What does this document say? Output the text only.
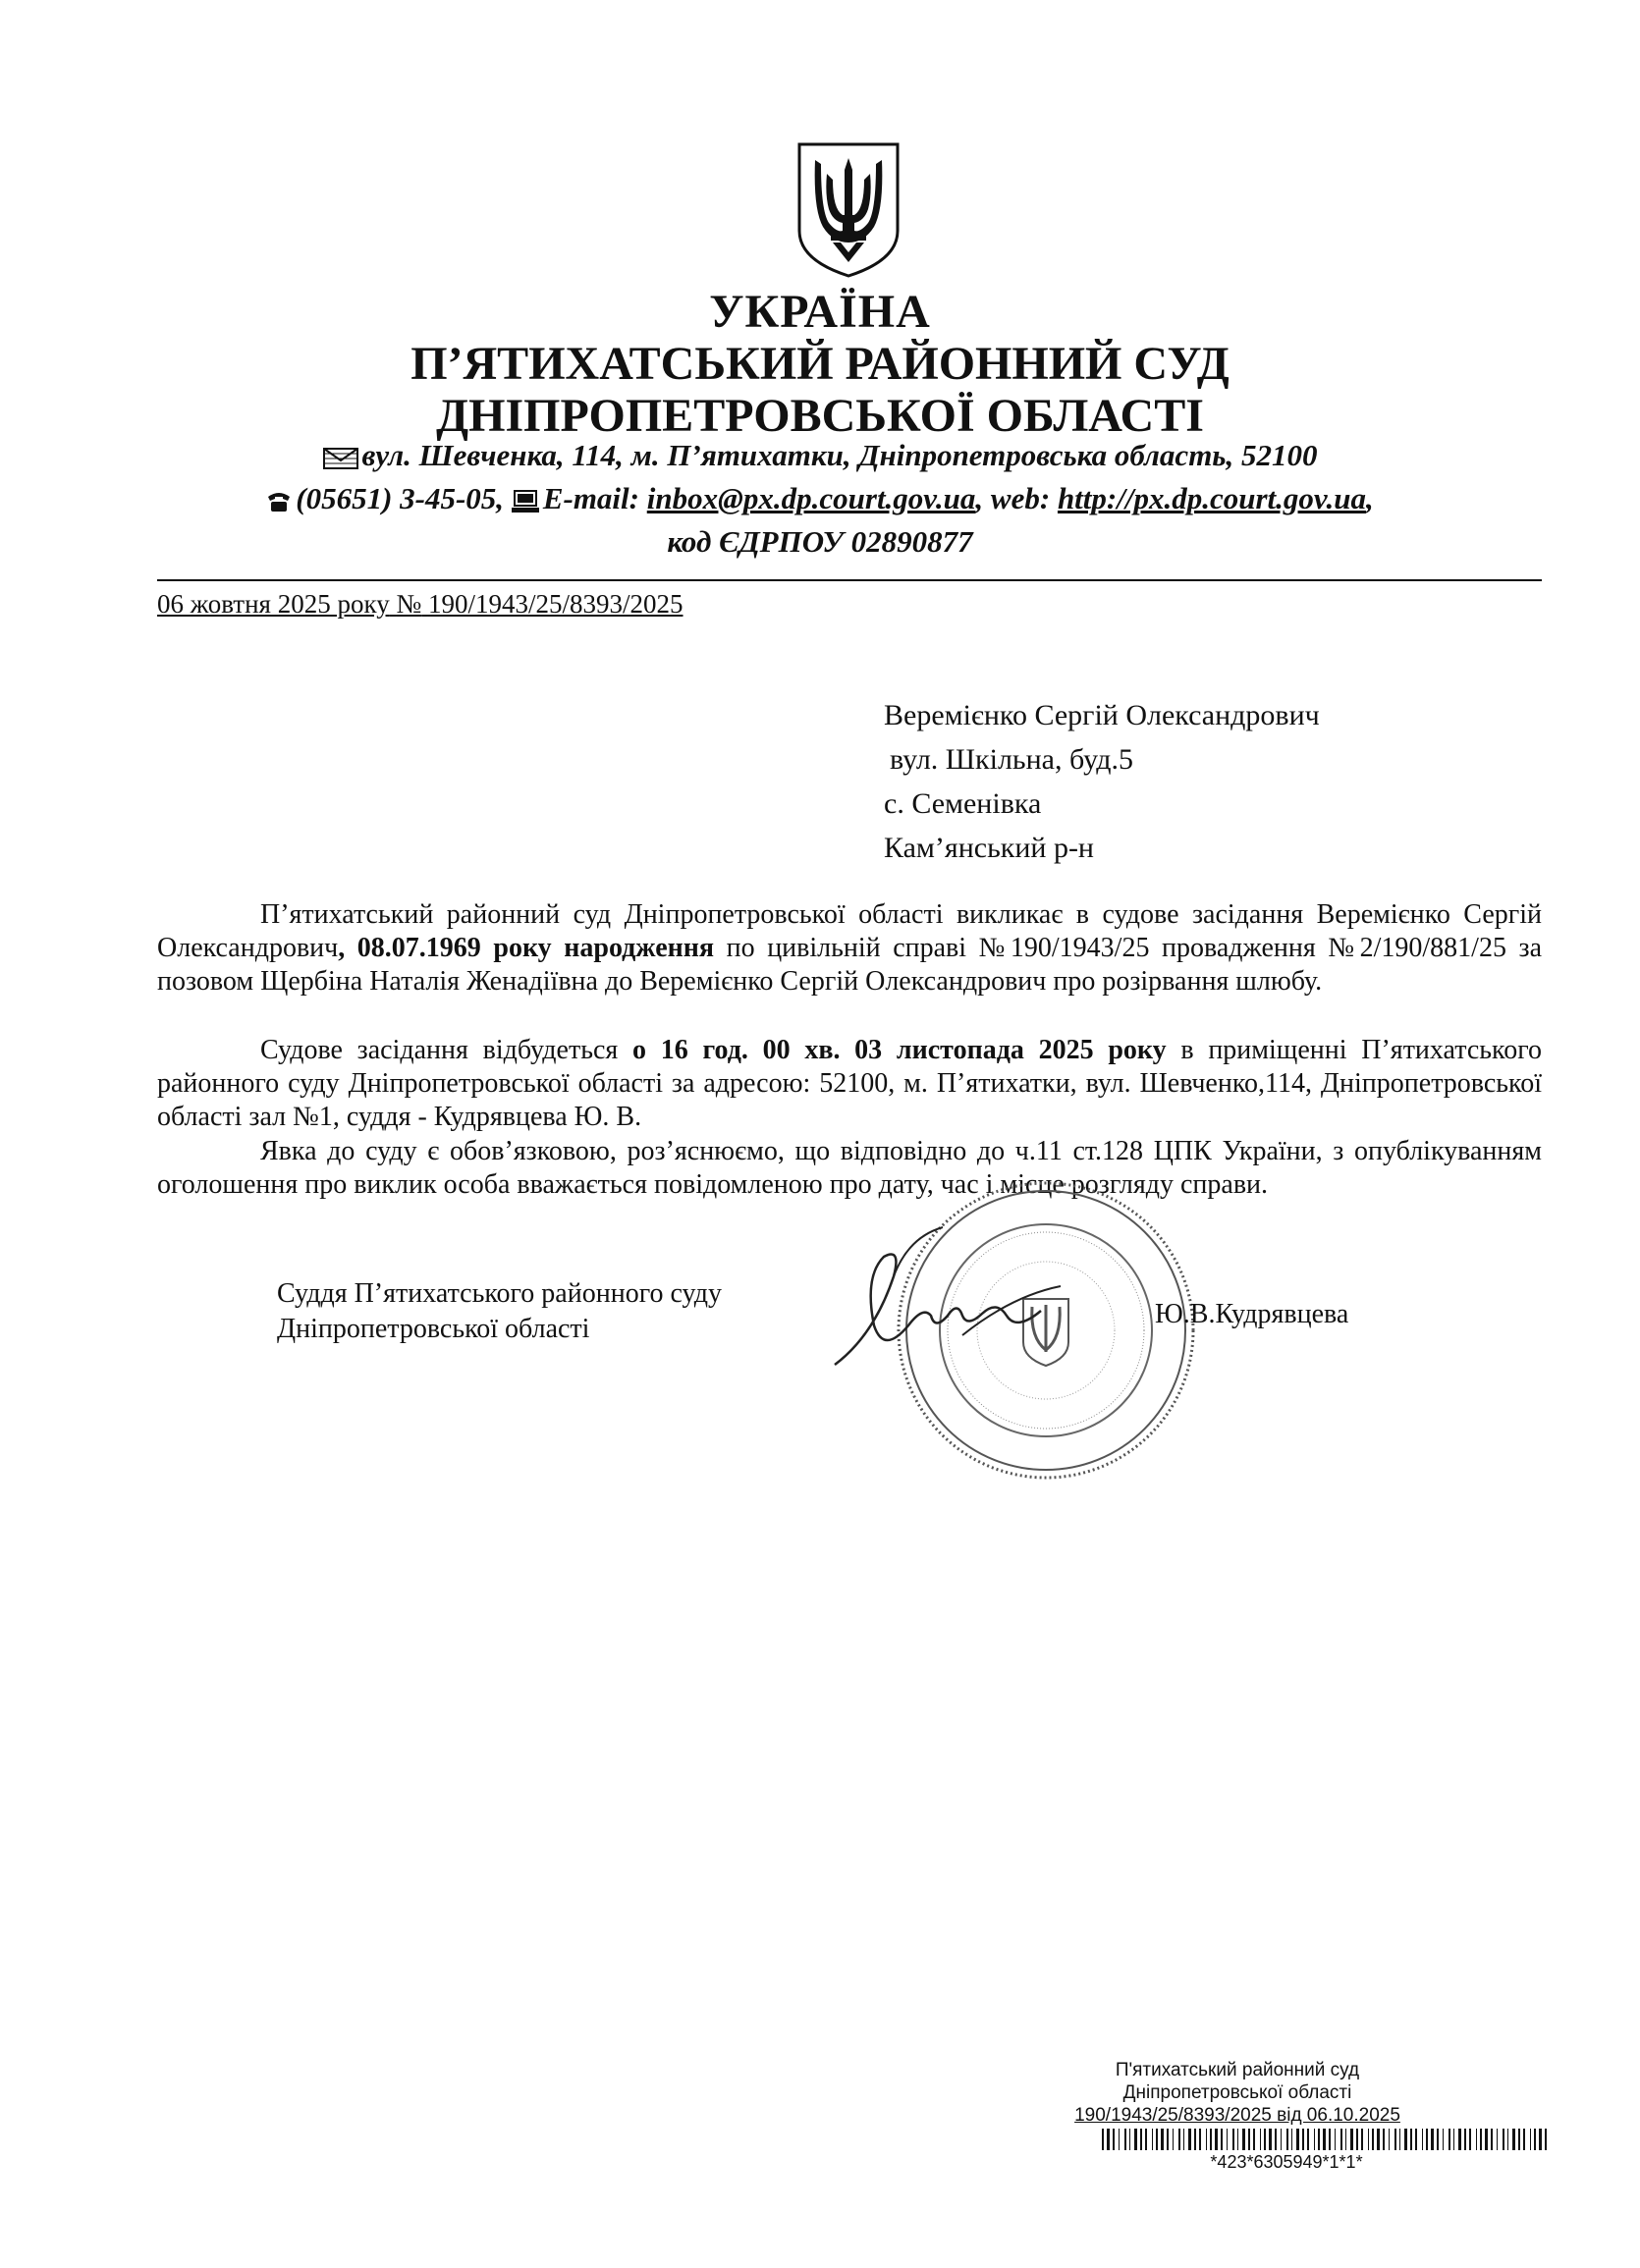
УКРАЇНА
П’ЯТИХАТСЬКИЙ РАЙОННИЙ СУД
ДНІПРОПЕТРОВСЬКОЇ ОБЛАСТІ
вул. Шевченка, 114, м. П’ятихатки, Дніпропетровська область, 52100
(05651) 3-45-05, E-mail: inbox@px.dp.court.gov.ua, web: http://px.dp.court.gov.ua,
код ЄДРПОУ 02890877
06 жовтня 2025 року № 190/1943/25/8393/2025
Веремієнко Сергій Олександрович
вул. Шкільна, буд.5
с. Семенівка
Кам’янський р-н
П’ятихатський районний суд Дніпропетровської області викликає в судове засідання Веремієнко Сергій Олександрович, 08.07.1969 року народження по цивільній справі №190/1943/25 провадження №2/190/881/25 за позовом Щербіна Наталія Женадіївна до Веремієнко Сергій Олександрович про розірвання шлюбу.
Судове засідання відбудеться о 16 год. 00 хв. 03 листопада 2025 року в приміщенні П’ятихатського районного суду Дніпропетровської області за адресою: 52100, м. П’ятихатки, вул. Шевченко,114, Дніпропетровської області зал №1, суддя - Кудрявцева Ю. В.
Явка до суду є обов’язковою, роз’яснюємо, що відповідно до ч.11 ст.128 ЦПК України, з опублікуванням оголошення про виклик особа вважається повідомленою про дату, час і місце розгляду справи.
Суддя П’ятихатського районного суду
Дніпропетровської області	Ю.В.Кудрявцева
П'ятихатський районний суд
Дніпропетровської області
190/1943/25/8393/2025 від 06.10.2025
*423*6305949*1*1*
